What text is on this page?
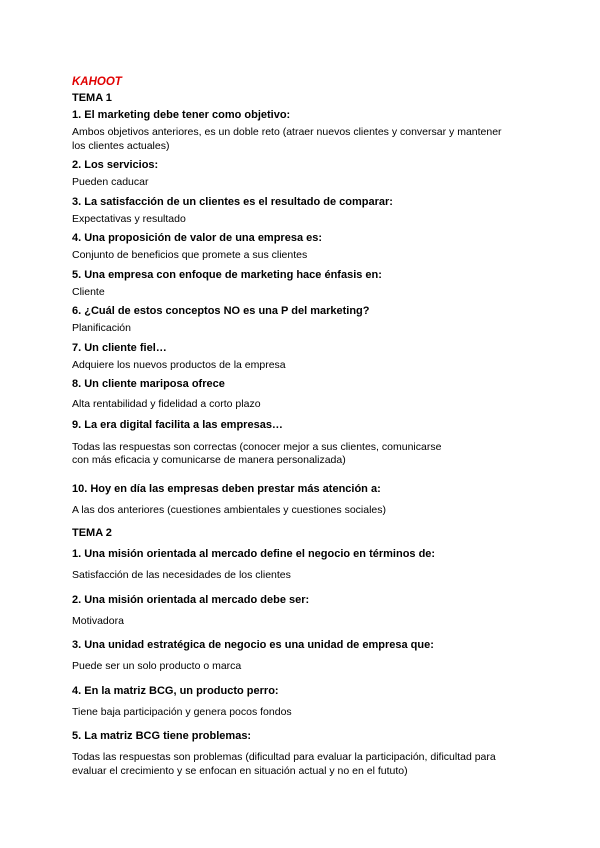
KAHOOT
TEMA 1
1. El marketing debe tener como objetivo:
Ambos objetivos anteriores, es un doble reto (atraer nuevos clientes y conversar y mantener
los clientes actuales)
2. Los servicios:
Pueden caducar
3. La satisfacción de un clientes es el resultado de comparar:
Expectativas y resultado
4. Una proposición de valor de una empresa es:
Conjunto de beneficios que promete a sus clientes
5. Una empresa con enfoque de marketing hace énfasis en:
Cliente
6. ¿Cuál de estos conceptos NO es una P del marketing?
Planificación
7. Un cliente fiel…
Adquiere los nuevos productos de la empresa
8. Un cliente mariposa ofrece
Alta rentabilidad y fidelidad a corto plazo
9. La era digital facilita a las empresas…
Todas las respuestas son correctas (conocer mejor a sus clientes, comunicarse
con más eficacia y comunicarse de manera personalizada)
10. Hoy en día las empresas deben prestar más atención a:
A las dos anteriores (cuestiones ambientales y cuestiones sociales)
TEMA 2
1. Una misión orientada al mercado define el negocio en términos de:
Satisfacción de las necesidades de los clientes
2. Una misión orientada al mercado debe ser:
Motivadora
3. Una unidad estratégica de negocio es una unidad de empresa que:
Puede ser un solo producto o marca
4. En la matriz BCG, un producto perro:
Tiene baja participación y genera pocos fondos
5. La matriz BCG tiene problemas:
Todas las respuestas son problemas (dificultad para evaluar la participación, dificultad para
evaluar el crecimiento y se enfocan en situación actual y no en el fututo)
